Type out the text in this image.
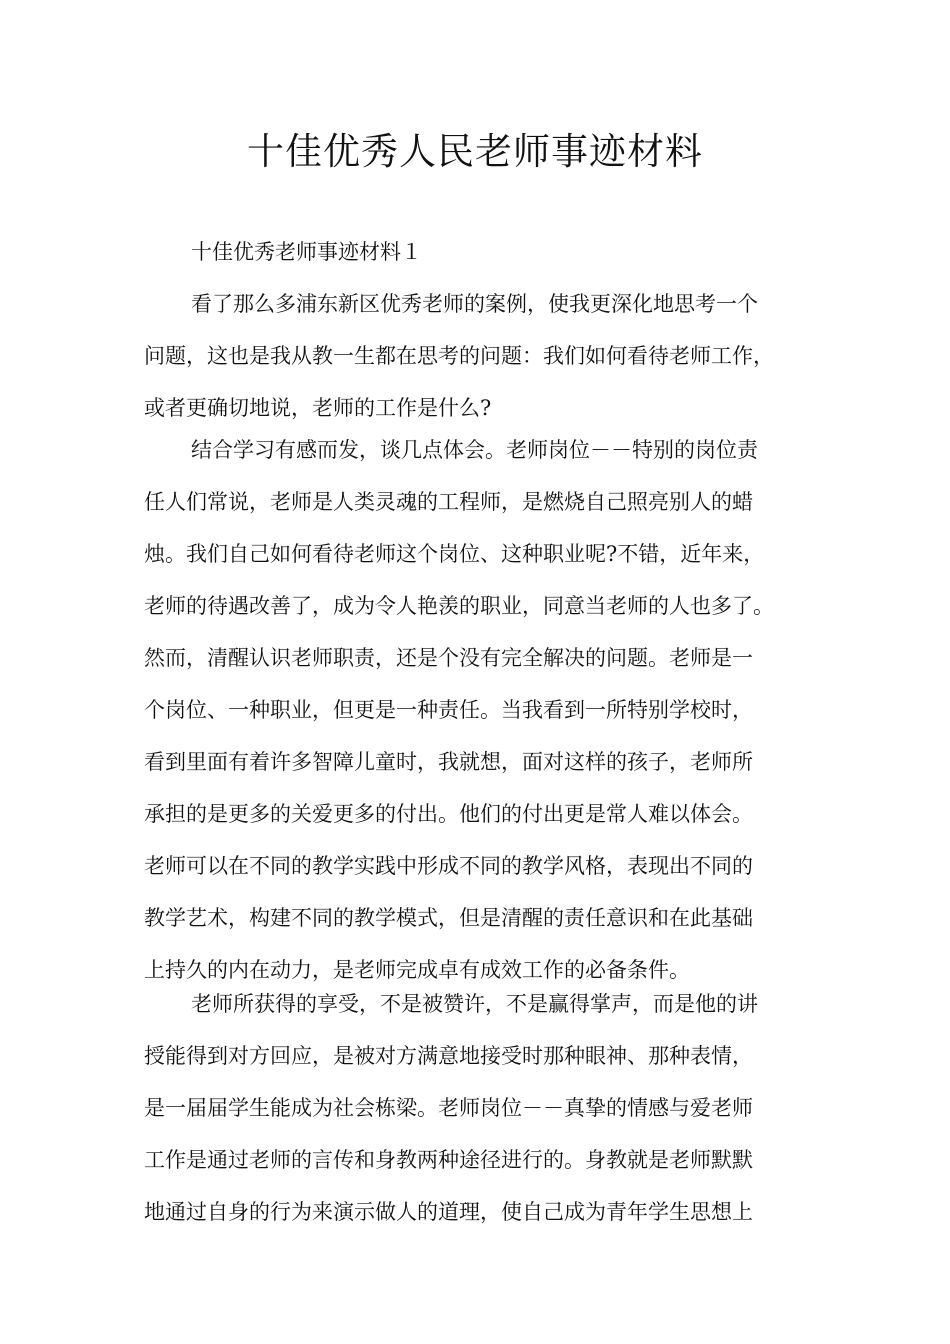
十佳优秀人民老师事迹材料

十佳优秀老师事迹材料１

看了那么多浦东新区优秀老师的案例，使我更深化地思考一个
问题，这也是我从教一生都在思考的问题：我们如何看待老师工作，
或者更确切地说，老师的工作是什么?

结合学习有感而发，谈几点体会。老师岗位－－特别的岗位责
任人们常说，老师是人类灵魂的工程师，是燃烧自己照亮别人的蜡
烛。我们自己如何看待老师这个岗位、这种职业呢?不错，近年来，
老师的待遇改善了，成为令人艳羡的职业，同意当老师的人也多了。
然而，清醒认识老师职责，还是个没有完全解决的问题。老师是一
个岗位、一种职业，但更是一种责任。当我看到一所特别学校时，
看到里面有着许多智障儿童时，我就想，面对这样的孩子，老师所
承担的是更多的关爱更多的付出。他们的付出更是常人难以体会。
老师可以在不同的教学实践中形成不同的教学风格，表现出不同的
教学艺术，构建不同的教学模式，但是清醒的责任意识和在此基础
上持久的内在动力，是老师完成卓有成效工作的必备条件。

老师所获得的享受，不是被赞许，不是赢得掌声，而是他的讲
授能得到对方回应，是被对方满意地接受时那种眼神、那种表情，
是一届届学生能成为社会栋梁。老师岗位－－真挚的情感与爱老师
工作是通过老师的言传和身教两种途径进行的。身教就是老师默默
地通过自身的行为来演示做人的道理，使自己成为青年学生思想上
